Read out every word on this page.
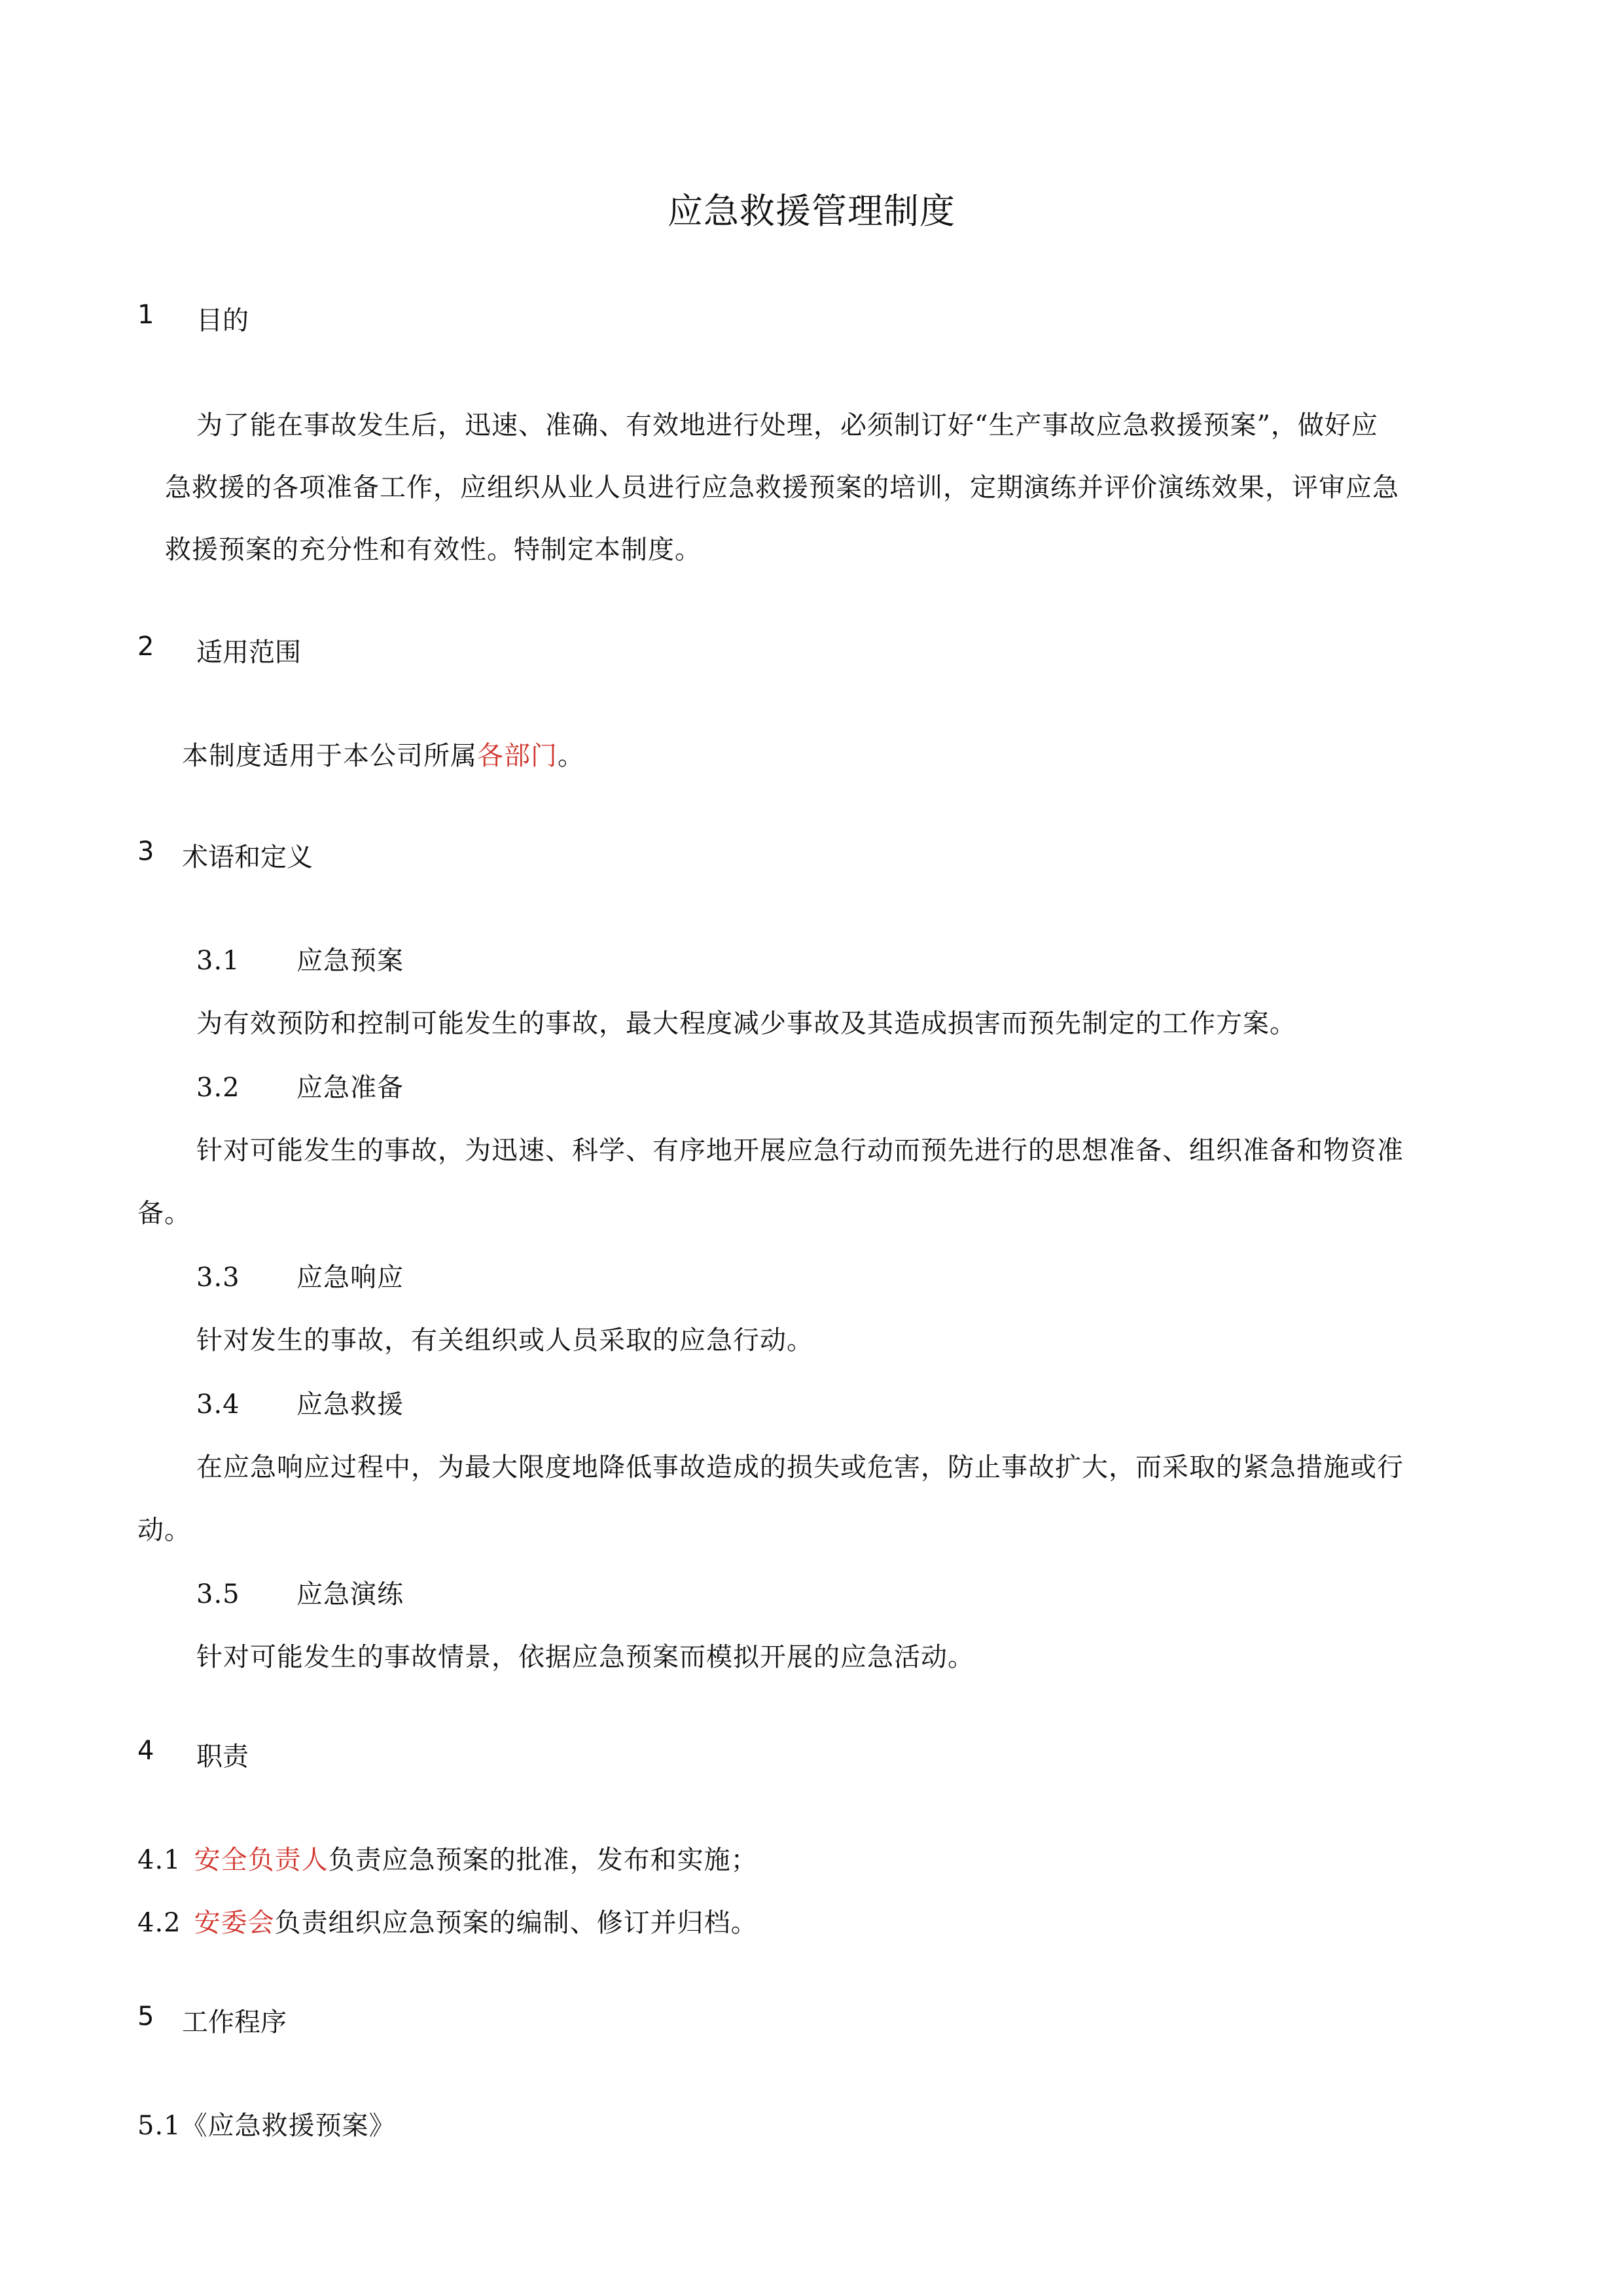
应急救援管理制度
1 目的
为了能在事故发生后，迅速、准确、有效地进行处理，必须制订好“生产事故应急救援预案”，做好应
急救援的各项准备工作，应组织从业人员进行应急救援预案的培训，定期演练并评价演练效果，评审应急
救援预案的充分性和有效性。特制定本制度。
2 适用范围
本制度适用于本公司所属各部门。
3 术语和定义
3.1 应急预案
为有效预防和控制可能发生的事故，最大程度减少事故及其造成损害而预先制定的工作方案。
3.2 应急准备
针对可能发生的事故，为迅速、科学、有序地开展应急行动而预先进行的思想准备、组织准备和物资准
备。
3.3 应急响应
针对发生的事故，有关组织或人员采取的应急行动。
3.4 应急救援
在应急响应过程中，为最大限度地降低事故造成的损失或危害，防止事故扩大，而采取的紧急措施或行
动。
3.5 应急演练
针对可能发生的事故情景，依据应急预案而模拟开展的应急活动。
4 职责
4.1 安全负责人负责应急预案的批准，发布和实施；
4.2 安委会负责组织应急预案的编制、修订并归档。
5 工作程序
5.1《应急救援预案》
